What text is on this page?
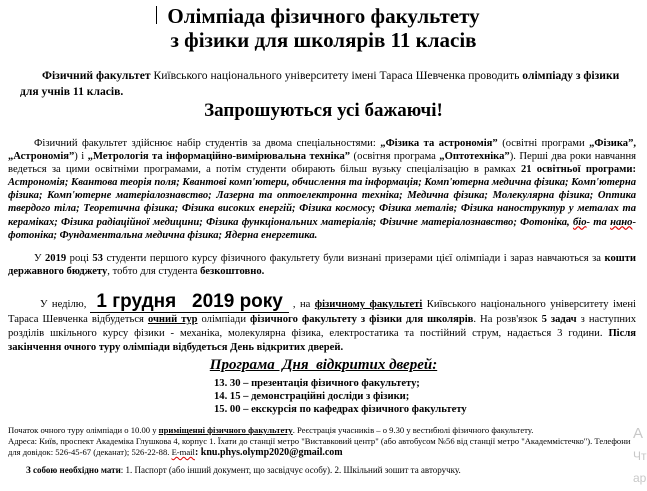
Олімпіада фізичного факультету
з фізики для школярів 11 класів

Фізичний факультет Київського національного університету імені Тараса Шевченка проводить олімпіаду з фізики для учнів 11 класів.

Запрошуються усі бажаючі!

Фізичний факультет здійснює набір студентів за двома спеціальностями: „Фізика та астрономія” (освітні програми „Фізика”, „Астрономія”) і „Метрологія та інформаційно-вимірювальна техніка” (освітня програма „Оптотехніка”). Перші два роки навчання ведеться за цими освітніми програмами, а потім студенти обирають більш вузьку спеціалізацію в рамках 21 освітньої програми: Астрономія; Квантова теорія поля; Квантові комп'ютери, обчислення та інформація; Комп'ютерна медична фізика; Комп'ютерна фізика; Комп'ютерне матеріалознавство; Лазерна та оптоелектронна техніка; Медична фізика; Молекулярна фізика; Оптика твердого тіла; Теоретична фізика; Фізика високих енергій; Фізика космосу; Фізика металів; Фізика наноструктур у металах та кераміках; Фізика радіаційної медицини; Фізика функціональних матеріалів; Фізичне матеріалознавство; Фотоніка, біо- та нано- фотоніка; Фундаментальна медична фізика; Ядерна енергетика.

У 2019 році 53 студенти першого курсу фізичного факультету були визнані призерами цієї олімпіади і зараз навчаються за кошти державного бюджету, тобто для студента безкоштовно.

У неділю, 1 грудня   2019 року , на фізичному факультеті Київського національного університету імені Тараса Шевченка відбудеться очний тур олімпіади фізичного факультету з фізики для школярів. На розв'язок 5 задач з наступних розділів шкільного курсу фізики - механіка, молекулярна фізика, електростатика та постійний струм, надається 3 години. Після закінчення очного туру олімпіади відбудеться День відкритих дверей.

Програма  Дня  відкритих дверей:
13. 30 – презентація фізичного факультету;
14. 15 – демонстраційні досліди з фізики;
15. 00 – екскурсія по кафедрах фізичного факультету

Початок очного туру олімпіади о 10.00 у приміщенні фізичного факультету. Реєстрація учасників – о 9.30 у вестибюлі фізичного факультету.

Адреса: Київ, проспект Академіка Глушкова 4, корпус 1. Їхати до станції метро "Виставковий центр" (або автобусом №56 від станції метро "Академмістечко"). Телефони для довідок: 526-45-67 (деканат); 526-22-88. E-mail: knu.phys.olymp2020@gmail.com

З собою необхідно мати: 1. Паспорт (або інший документ, що засвідчує особу). 2. Шкільний зошит та авторучку.

А
Чт
ар
